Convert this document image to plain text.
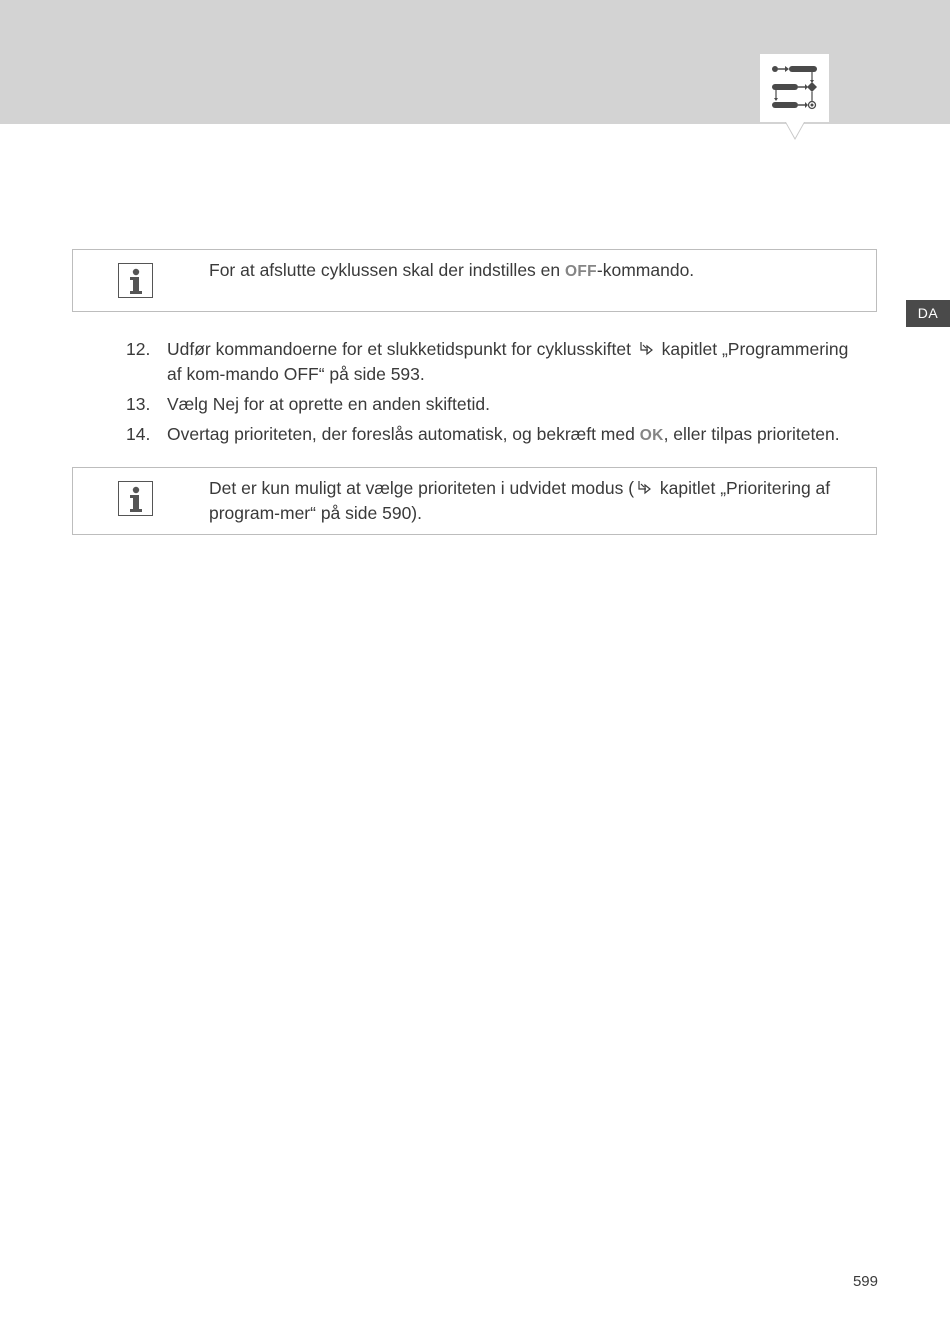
DA
For at afslutte cyklussen skal der indstilles en OFF-kommando.
12. Udfør kommandoerne for et slukketidspunkt for cyklusskiftet  kapitlet „Programmering af kom-mando OFF“ på side 593.
13. Vælg Nej for at oprette en anden skiftetid.
14. Overtag prioriteten, der foreslås automatisk, og bekræft med OK, eller tilpas prioriteten.
Det er kun muligt at vælge prioriteten i udvidet modus ( kapitlet „Prioritering af program-mer“ på side 590).
599
